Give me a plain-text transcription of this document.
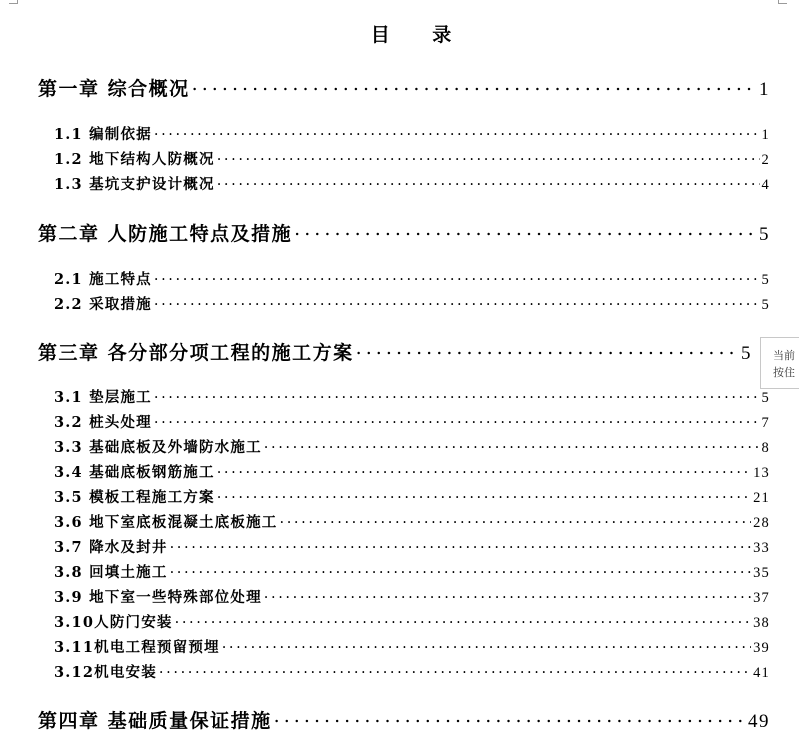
目 录
第一章 综合概况 . . .	1
1.1 编制依据 . . .	1
1.2 地下结构人防概况 . . .	2
1.3 基坑支护设计概况 . . .	4
第二章 人防施工特点及措施 . . .	5
2.1 施工特点 . . .	5
2.2 采取措施 . . .	5
第三章 各分部分项工程的施工方案 . . .	5
3.1 垫层施工 . . .	5
3.2 桩头处理 . . .	7
3.3 基础底板及外墙防水施工 . . .	8
3.4 基础底板钢筋施工 . . .	13
3.5 模板工程施工方案 . . .	21
3.6 地下室底板混凝土底板施工 . . .	28
3.7 降水及封井 . . .	33
3.8 回填土施工 . . .	35
3.9 地下室一些特殊部位处理 . . .	37
3.10人防门安装 . . .	38
3.11机电工程预留预埋 . . .	39
3.12机电安装 . . .	41
第四章 基础质量保证措施 . . .	49
当前
按住
